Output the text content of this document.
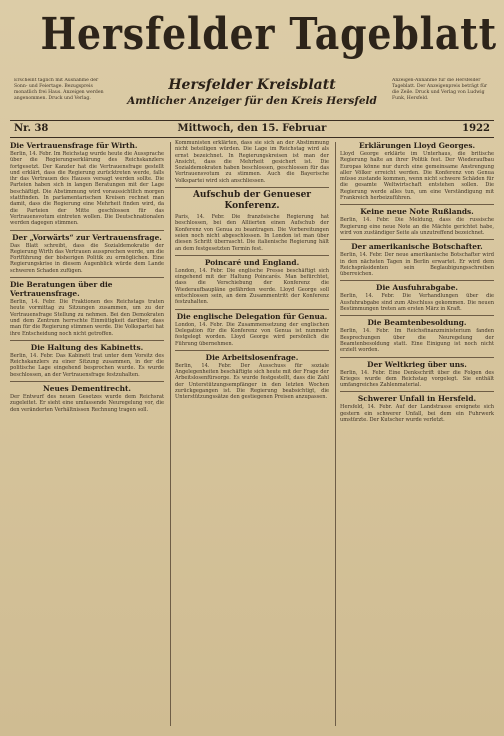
Hersfelder Tageblatt
Erscheint täglich mit Ausnahme der Sonn- und Feiertage. Bezugspreis monatlich frei Haus. Anzeigen werden angenommen. Druck und Verlag.
Anzeigen-Annahme für die Hersfelder Tageblatt. Der Anzeigenpreis beträgt für die Zeile. Druck und Verlag von Ludwig Funk, Hersfeld.
Hersfelder Kreisblatt
Amtlicher Anzeiger für den Kreis Hersfeld
Nr. 38	Mittwoch, den 15. Februar	1922
Die Vertrauensfrage für Wirth.
Berlin, 14. Febr. Im Reichstag wurde heute die Aussprache über die Regierungserklärung des Reichskanzlers fortgesetzt. Der Kanzler hat die Vertrauensfrage gestellt und erklärt, dass die Regierung zurücktreten werde, falls ihr das Vertrauen des Hauses versagt werden sollte. Die Parteien haben sich in langen Beratungen mit der Lage beschäftigt. Die Abstimmung wird voraussichtlich morgen stattfinden. In parlamentarischen Kreisen rechnet man damit, dass die Regierung eine Mehrheit finden wird, da die Parteien der Mitte geschlossen für das Vertrauensvotum eintreten wollen. Die Deutschnationalen werden dagegen stimmen.
Der „Vorwärts“ zur Vertrauensfrage.
Das Blatt schreibt, dass die Sozialdemokratie der Regierung Wirth das Vertrauen aussprechen werde, um die Fortführung der bisherigen Politik zu ermöglichen. Eine Regierungskrise in diesem Augenblick würde dem Lande schweren Schaden zufügen.
Die Beratungen über die Vertrauensfrage.
Berlin, 14. Febr. Die Fraktionen des Reichstags traten heute vormittag zu Sitzungen zusammen, um zu der Vertrauensfrage Stellung zu nehmen. Bei den Demokraten und dem Zentrum herrschte Einmütigkeit darüber, dass man für die Regierung stimmen werde. Die Volkspartei hat ihre Entscheidung noch nicht getroffen.
Die Haltung des Kabinetts.
Berlin, 14. Febr. Das Kabinett trat unter dem Vorsitz des Reichskanzlers zu einer Sitzung zusammen, in der die politische Lage eingehend besprochen wurde. Es wurde beschlossen, an der Vertrauensfrage festzuhalten.
Neues Dementirecht.
Der Entwurf des neuen Gesetzes wurde dem Reichsrat zugeleitet. Er sieht eine umfassende Neuregelung vor, die den veränderten Verhältnissen Rechnung tragen soll.
Kommunisten erklärten, dass sie sich an der Abstimmung nicht beteiligen würden. Die Lage im Reichstag wird als ernst bezeichnet. In Regierungskreisen ist man der Ansicht, dass die Mehrheit gesichert ist. Die Sozialdemokraten haben beschlossen, geschlossen für das Vertrauensvotum zu stimmen. Auch die Bayerische Volkspartei wird sich anschliessen.
Aufschub der Genueser Konferenz.
Paris, 14. Febr. Die französische Regierung hat beschlossen, bei den Alliierten einen Aufschub der Konferenz von Genua zu beantragen. Die Vorbereitungen seien noch nicht abgeschlossen. In London ist man über diesen Schritt überrascht. Die italienische Regierung hält an dem festgesetzten Termin fest.
Poincaré und England.
London, 14. Febr. Die englische Presse beschäftigt sich eingehend mit der Haltung Poincarés. Man befürchtet, dass die Verschiebung der Konferenz die Wiederaufbaupläne gefährden werde. Lloyd George soll entschlossen sein, an dem Zusammentritt der Konferenz festzuhalten.
Die englische Delegation für Genua.
London, 14. Febr. Die Zusammensetzung der englischen Delegation für die Konferenz von Genua ist nunmehr festgelegt worden. Lloyd George wird persönlich die Führung übernehmen.
Die Arbeitslosenfrage.
Berlin, 14. Febr. Der Ausschuss für soziale Angelegenheiten beschäftigte sich heute mit der Frage der Arbeitslosenfürsorge. Es wurde festgestellt, dass die Zahl der Unterstützungsempfänger in den letzten Wochen zurückgegangen ist. Die Regierung beabsichtigt, die Unterstützungssätze den gestiegenen Preisen anzupassen.
Erklärungen Lloyd Georges.
Lloyd George erklärte im Unterhaus, die britische Regierung halte an ihrer Politik fest. Der Wiederaufbau Europas könne nur durch eine gemeinsame Anstrengung aller Völker erreicht werden. Die Konferenz von Genua müsse zustande kommen, wenn nicht schwere Schäden für die gesamte Weltwirtschaft entstehen sollen. Die Regierung werde alles tun, um eine Verständigung mit Frankreich herbeizuführen.
Keine neue Note Rußlands.
Berlin, 14. Febr. Die Meldung, dass die russische Regierung eine neue Note an die Mächte gerichtet habe, wird von zuständiger Seite als unzutreffend bezeichnet.
Der amerikanische Botschafter.
Berlin, 14. Febr. Der neue amerikanische Botschafter wird in den nächsten Tagen in Berlin erwartet. Er wird dem Reichspräsidenten sein Beglaubigungsschreiben überreichen.
Die Ausfuhrabgabe.
Berlin, 14. Febr. Die Verhandlungen über die Ausfuhrabgabe sind zum Abschluss gekommen. Die neuen Bestimmungen treten am ersten März in Kraft.
Die Beamtenbesoldung.
Berlin, 14. Febr. Im Reichsfinanzministerium fanden Besprechungen über die Neuregelung der Beamtenbesoldung statt. Eine Einigung ist noch nicht erzielt worden.
Der Weltkrieg über uns.
Berlin, 14. Febr. Eine Denkschrift über die Folgen des Krieges wurde dem Reichstag vorgelegt. Sie enthält umfangreiches Zahlenmaterial.
Schwerer Unfall in Hersfeld.
Hersfeld, 14. Febr. Auf der Landstrasse ereignete sich gestern ein schwerer Unfall, bei dem ein Fuhrwerk umstürzte. Der Kutscher wurde verletzt.
